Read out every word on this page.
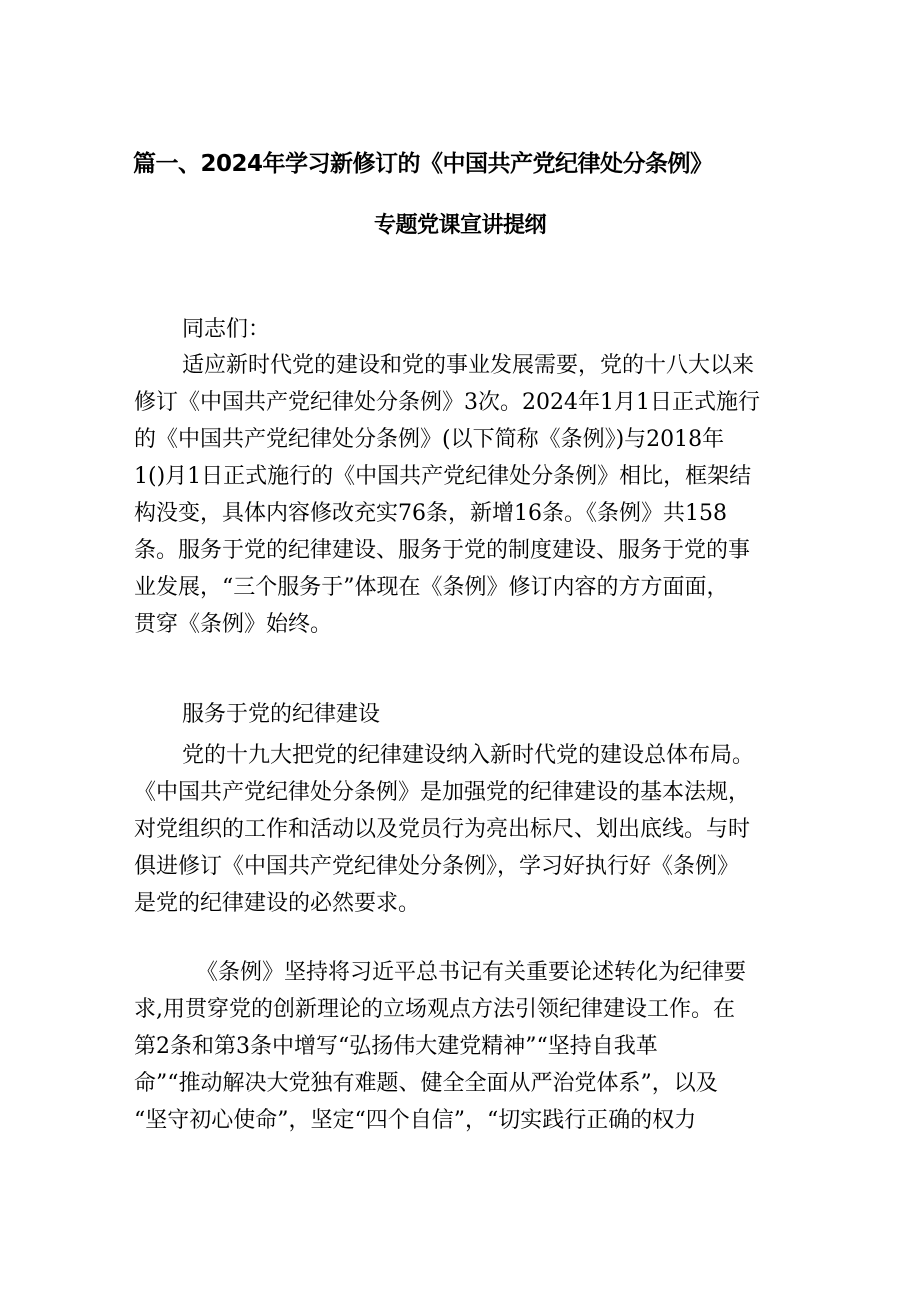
篇一、2024年学习新修订的《中国共产党纪律处分条例》
专题党课宣讲提纲
同志们：
适应新时代党的建设和党的事业发展需要，党的十八大以来
修订《中国共产党纪律处分条例》3次。2024年1月1日正式施行
的《中国共产党纪律处分条例》(以下简称《条例》)与2018年
1()月1日正式施行的《中国共产党纪律处分条例》相比，框架结
构没变，具体内容修改充实76条，新增16条。《条例》共158
条。服务于党的纪律建设、服务于党的制度建设、服务于党的事
业发展，“三个服务于”体现在《条例》修订内容的方方面面，
贯穿《条例》始终。
服务于党的纪律建设
党的十九大把党的纪律建设纳入新时代党的建设总体布局。
《中国共产党纪律处分条例》是加强党的纪律建设的基本法规，
对党组织的工作和活动以及党员行为亮出标尺、划出底线。与时
俱进修订《中国共产党纪律处分条例》，学习好执行好《条例》
是党的纪律建设的必然要求。
《条例》坚持将习近平总书记有关重要论述转化为纪律要
求,用贯穿党的创新理论的立场观点方法引领纪律建设工作。在
第2条和第3条中增写“弘扬伟大建党精神”“坚持自我革
命”“推动解决大党独有难题、健全全面从严治党体系”，以及
“坚守初心使命”，坚定“四个自信”，“切实践行正确的权力
